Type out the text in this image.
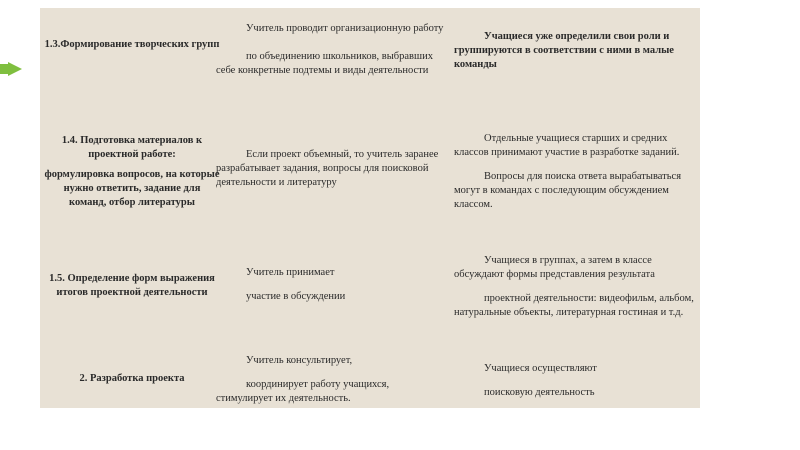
1.3.Формирование творческих групп

Учитель проводит организационную работу

по объединению школьников, выбравших себе конкретные подтемы и виды деятельности

Учащиеся уже определили свои роли и группируются в соответствии с ними в малые команды

1.4. Подготовка материалов к проектной работе:

формулировка вопросов, на которые нужно ответить, задание для команд, отбор литературы

Если проект объемный, то учитель заранее разрабатывает задания, вопросы для поисковой деятельности и литературу

Отдельные учащиеся старших и средних классов принимают участие в разработке заданий.

Вопросы для поиска ответа вырабатываться могут в командах с последующим обсуждением классом.

1.5. Определение форм выражения итогов проектной деятельности

Учитель принимает

участие в обсуждении

Учащиеся в группах, а затем в классе обсуждают формы представления результата

проектной деятельности: видеофильм, альбом, натуральные объекты, литературная гостиная и т.д.

2. Разработка проекта

Учитель консультирует,

координирует работу учащихся, стимулирует их деятельность.

Учащиеся осуществляют

поисковую деятельность
